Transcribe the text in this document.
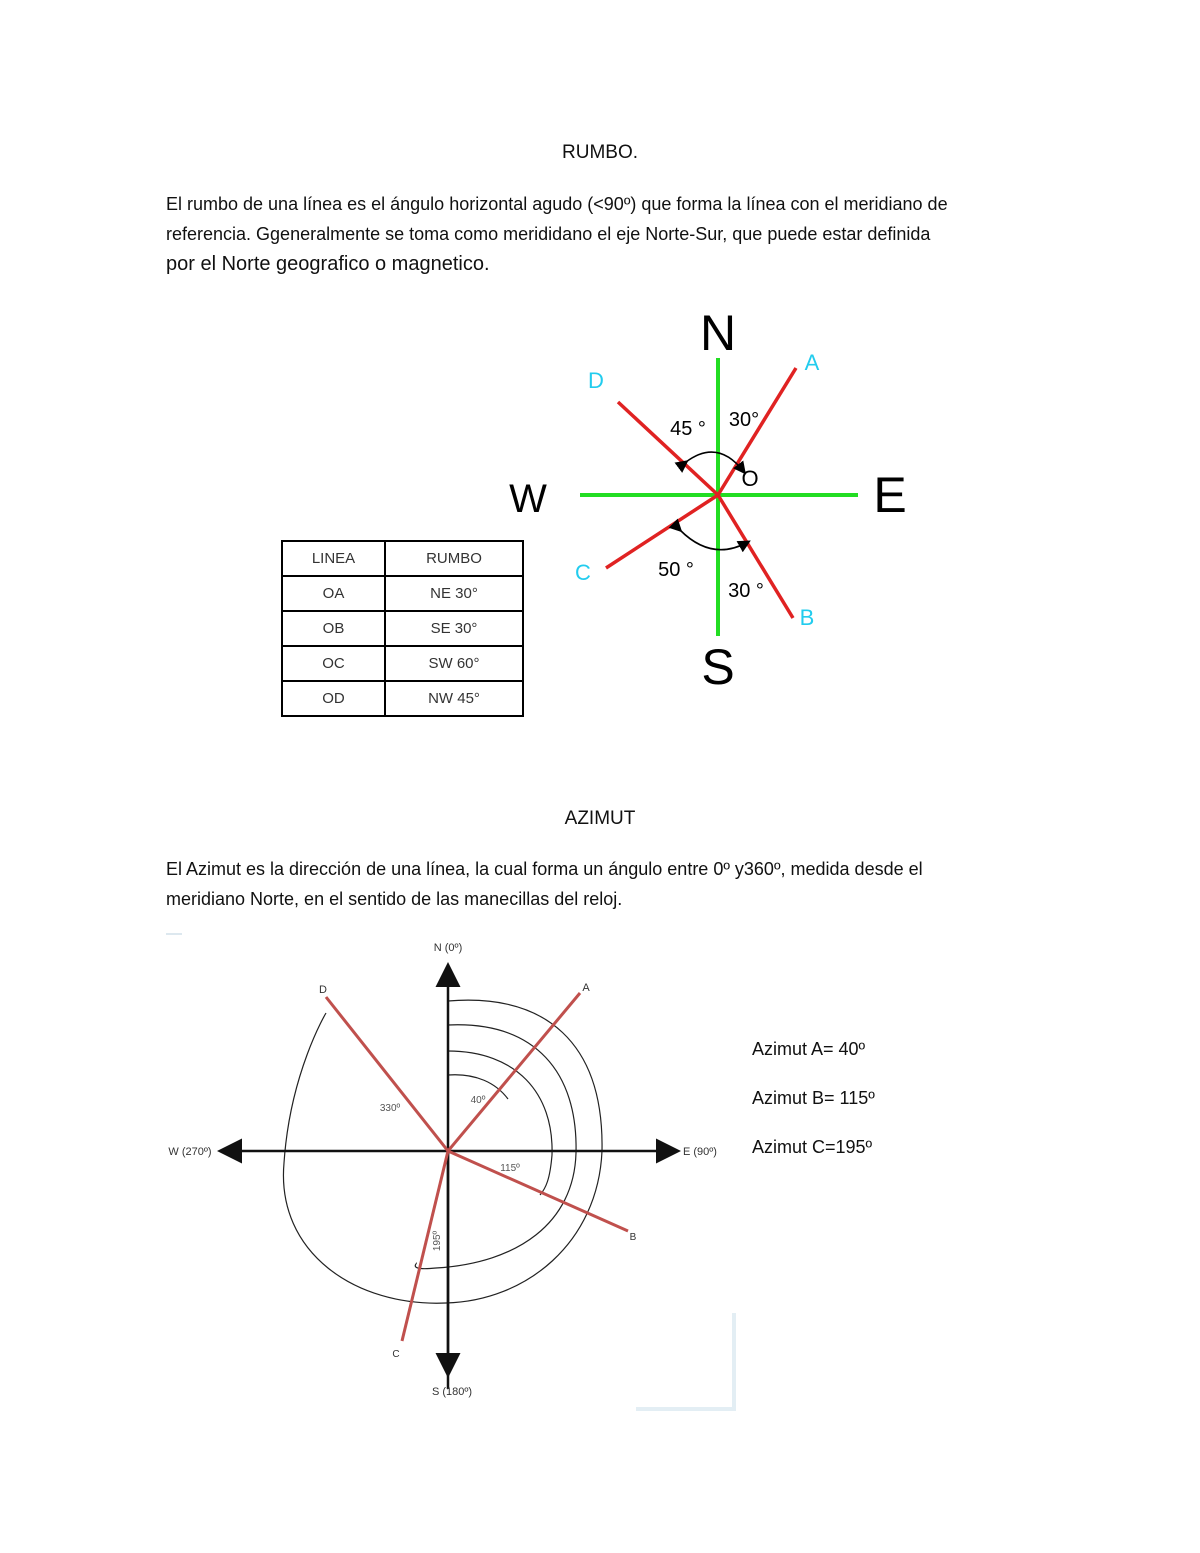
RUMBO.
El rumbo de una línea es el ángulo horizontal agudo (<90º) que forma la línea con el meridiano de
referencia. Ggeneralmente se toma como merididano el eje Norte-Sur, que puede estar definida
por el Norte geografico o magnetico.
N
S
E
W	O
A
B
C
D
30°
30 °
50 °
45 °
LINEA	RUMBO
OA	NE 30°
OB	SE 30°
OC	SW 60°
OD	NW 45°
AZIMUT
El Azimut es la dirección de una línea, la cual forma un ángulo entre 0º y360º, medida desde el
meridiano Norte, en el sentido de las manecillas del reloj.
N (0º)
S (180º)
E (90º)
W (270º)
A
B
C
D
40º
115º
195º
330º
Azimut A= 40º
Azimut B= 115º
Azimut C=195º
